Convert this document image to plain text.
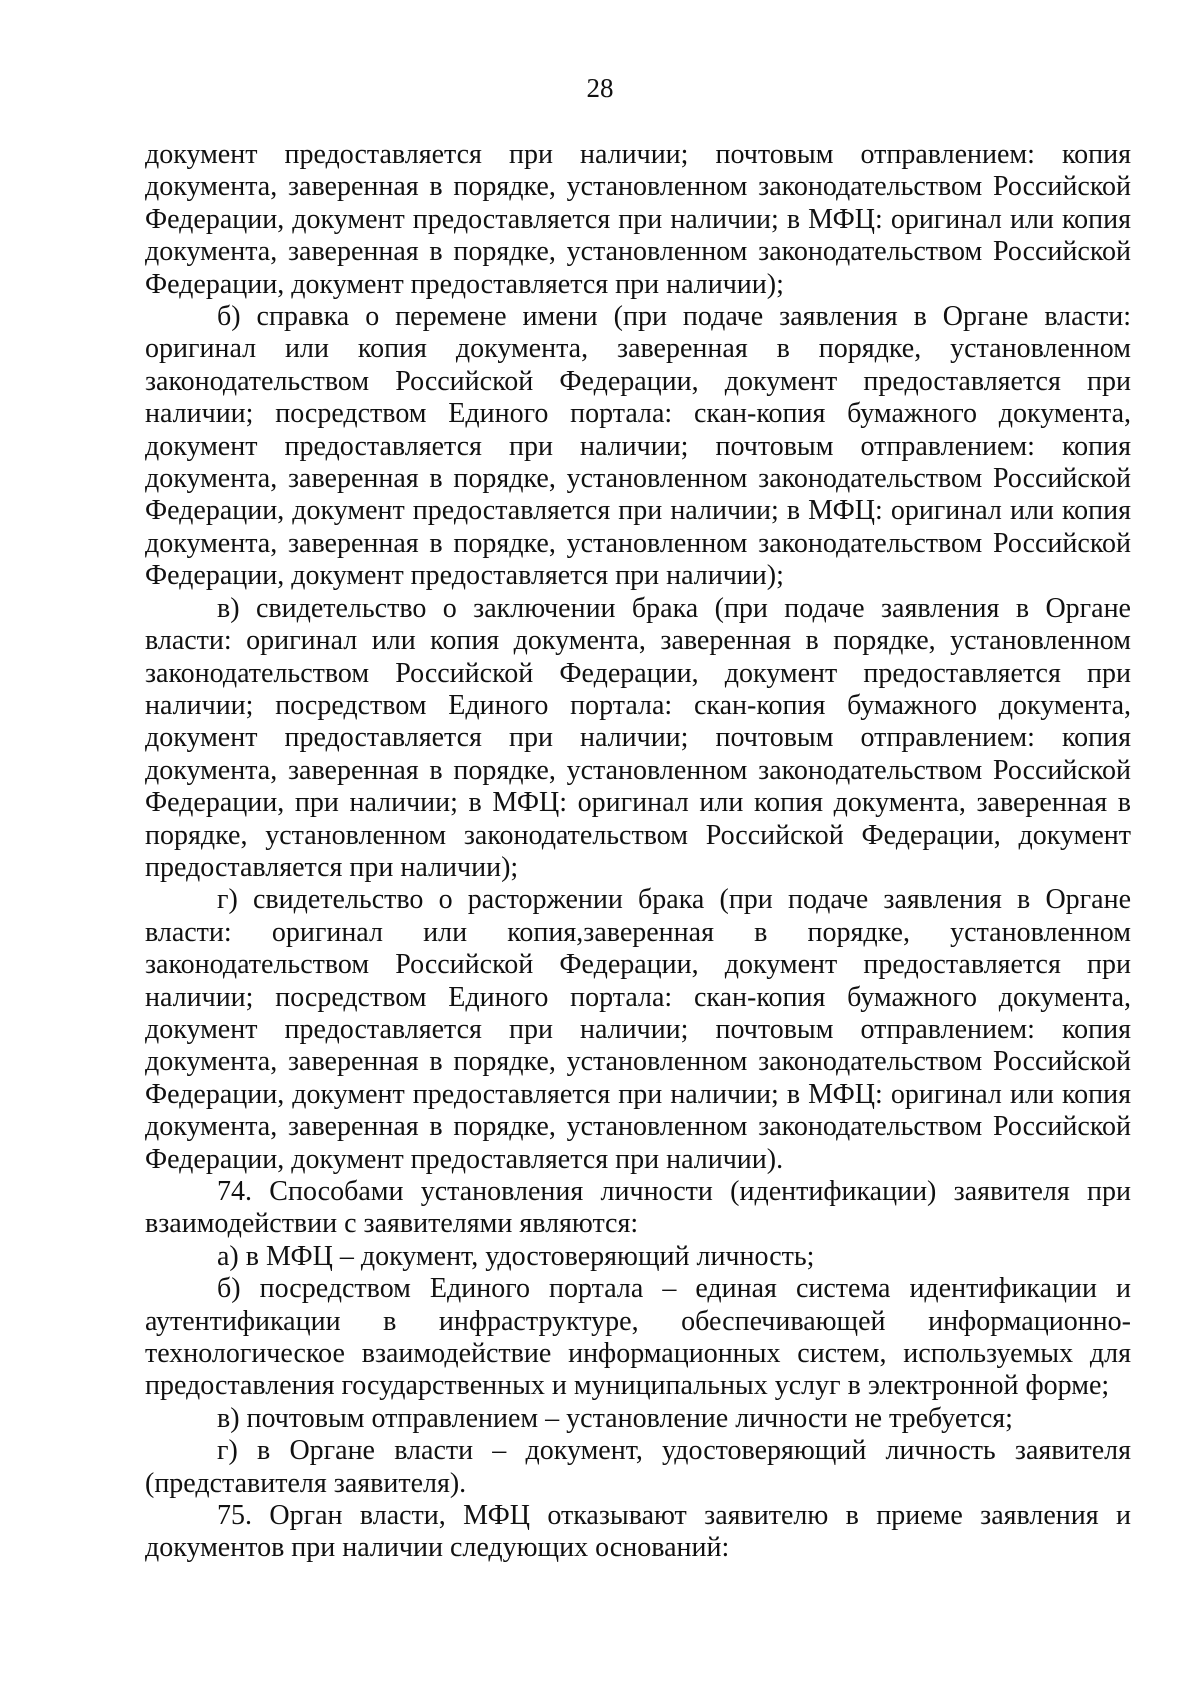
28

документ предоставляется при наличии; почтовым отправлением: копия документа, заверенная в порядке, установленном законодательством Российской Федерации, документ предоставляется при наличии; в МФЦ: оригинал или копия документа, заверенная в порядке, установленном законодательством Российской Федерации, документ предоставляется при наличии);

б) справка о перемене имени (при подаче заявления в Органе власти: оригинал или копия документа, заверенная в порядке, установленном законодательством Российской Федерации, документ предоставляется при наличии; посредством Единого портала: скан-копия бумажного документа, документ предоставляется при наличии; почтовым отправлением: копия документа, заверенная в порядке, установленном законодательством Российской Федерации, документ предоставляется при наличии; в МФЦ: оригинал или копия документа, заверенная в порядке, установленном законодательством Российской Федерации, документ предоставляется при наличии);

в) свидетельство о заключении брака (при подаче заявления в Органе власти: оригинал или копия документа, заверенная в порядке, установленном законодательством Российской Федерации, документ предоставляется при наличии; посредством Единого портала: скан-копия бумажного документа, документ предоставляется при наличии; почтовым отправлением: копия документа, заверенная в порядке, установленном законодательством Российской Федерации, при наличии; в МФЦ: оригинал или копия документа, заверенная в порядке, установленном законодательством Российской Федерации, документ предоставляется при наличии);

г) свидетельство о расторжении брака (при подаче заявления в Органе власти: оригинал или копия,заверенная в порядке, установленном законодательством Российской Федерации, документ предоставляется при наличии; посредством Единого портала: скан-копия бумажного документа, документ предоставляется при наличии; почтовым отправлением: копия документа, заверенная в порядке, установленном законодательством Российской Федерации, документ предоставляется при наличии; в МФЦ: оригинал или копия документа, заверенная в порядке, установленном законодательством Российской Федерации, документ предоставляется при наличии).

74. Способами установления личности (идентификации) заявителя при взаимодействии с заявителями являются:

а) в МФЦ – документ, удостоверяющий личность;

б) посредством Единого портала – единая система идентификации и аутентификации в инфраструктуре, обеспечивающей информационно-технологическое взаимодействие информационных систем, используемых для предоставления государственных и муниципальных услуг в электронной форме;

в) почтовым отправлением – установление личности не требуется;

г) в Органе власти – документ, удостоверяющий личность заявителя (представителя заявителя).

75. Орган власти, МФЦ отказывают заявителю в приеме заявления и документов при наличии следующих оснований:
